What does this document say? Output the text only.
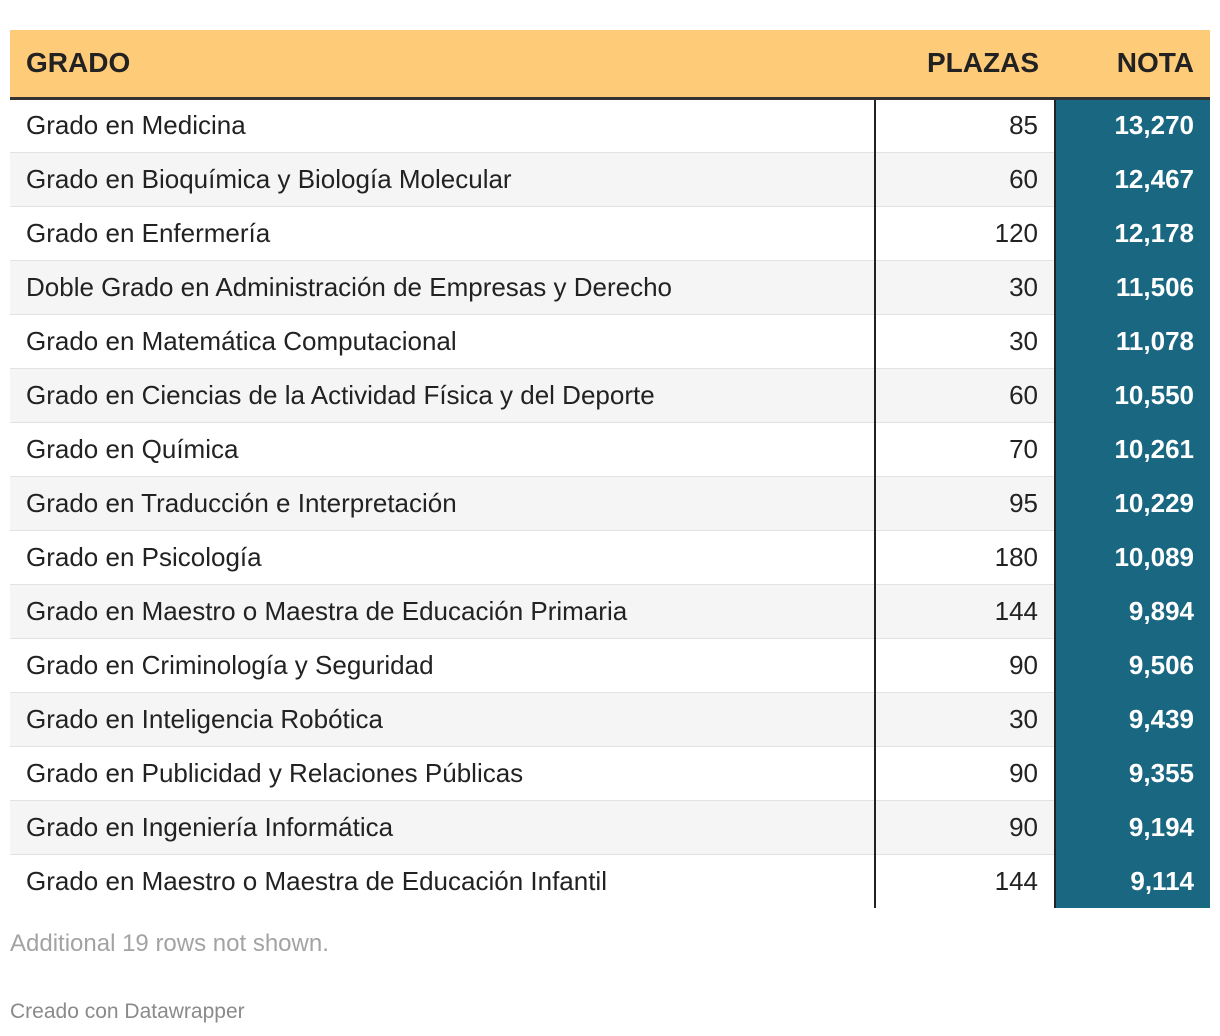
GRADO	PLAZAS	NOTA
Grado en Medicina	85	13,270
Grado en Bioquímica y Biología Molecular	60	12,467
Grado en Enfermería	120	12,178
Doble Grado en Administración de Empresas y Derecho	30	11,506
Grado en Matemática Computacional	30	11,078
Grado en Ciencias de la Actividad Física y del Deporte	60	10,550
Grado en Química	70	10,261
Grado en Traducción e Interpretación	95	10,229
Grado en Psicología	180	10,089
Grado en Maestro o Maestra de Educación Primaria	144	9,894
Grado en Criminología y Seguridad	90	9,506
Grado en Inteligencia Robótica	30	9,439
Grado en Publicidad y Relaciones Públicas	90	9,355
Grado en Ingeniería Informática	90	9,194
Grado en Maestro o Maestra de Educación Infantil	144	9,114
Additional 19 rows not shown.
Creado con Datawrapper
